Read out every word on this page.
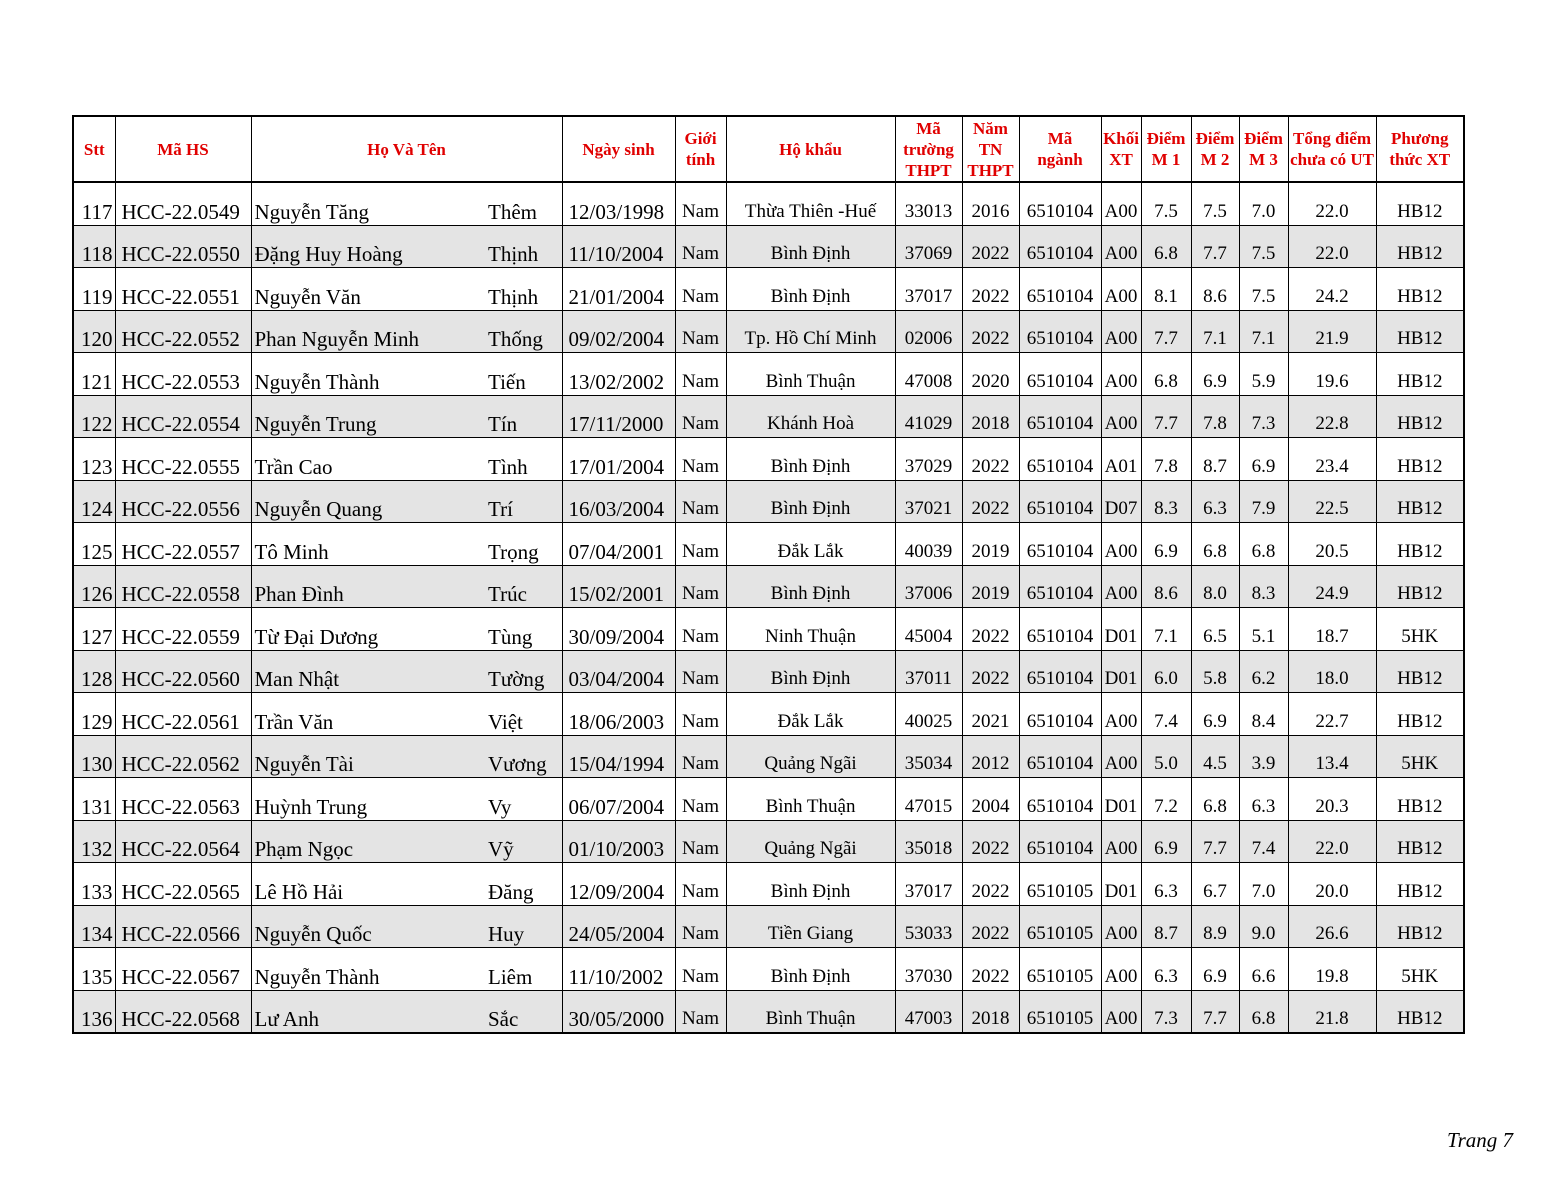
Stt	Mã HS	Họ Và Tên		Ngày sinh	Giới tính	Hộ khẩu	Mã trường THPT	Năm TN THPT	Mã ngành	Khối XT	Điểm M 1	Điểm M 2	Điểm M 3	Tổng điểm chưa có UT	Phương thức XT
117	HCC-22.0549	Nguyễn Tăng	Thêm	12/03/1998	Nam	Thừa Thiên -Huế	33013	2016	6510104	A00	7.5	7.5	7.0	22.0	HB12
118	HCC-22.0550	Đặng Huy Hoàng	Thịnh	11/10/2004	Nam	Bình Định	37069	2022	6510104	A00	6.8	7.7	7.5	22.0	HB12
119	HCC-22.0551	Nguyễn Văn	Thịnh	21/01/2004	Nam	Bình Định	37017	2022	6510104	A00	8.1	8.6	7.5	24.2	HB12
120	HCC-22.0552	Phan Nguyễn Minh	Thống	09/02/2004	Nam	Tp. Hồ Chí Minh	02006	2022	6510104	A00	7.7	7.1	7.1	21.9	HB12
121	HCC-22.0553	Nguyễn Thành	Tiến	13/02/2002	Nam	Bình Thuận	47008	2020	6510104	A00	6.8	6.9	5.9	19.6	HB12
122	HCC-22.0554	Nguyễn Trung	Tín	17/11/2000	Nam	Khánh Hoà	41029	2018	6510104	A00	7.7	7.8	7.3	22.8	HB12
123	HCC-22.0555	Trần Cao	Tình	17/01/2004	Nam	Bình Định	37029	2022	6510104	A01	7.8	8.7	6.9	23.4	HB12
124	HCC-22.0556	Nguyễn Quang	Trí	16/03/2004	Nam	Bình Định	37021	2022	6510104	D07	8.3	6.3	7.9	22.5	HB12
125	HCC-22.0557	Tô Minh	Trọng	07/04/2001	Nam	Đắk Lắk	40039	2019	6510104	A00	6.9	6.8	6.8	20.5	HB12
126	HCC-22.0558	Phan Đình	Trúc	15/02/2001	Nam	Bình Định	37006	2019	6510104	A00	8.6	8.0	8.3	24.9	HB12
127	HCC-22.0559	Từ Đại Dương	Tùng	30/09/2004	Nam	Ninh Thuận	45004	2022	6510104	D01	7.1	6.5	5.1	18.7	5HK
128	HCC-22.0560	Man Nhật	Tường	03/04/2004	Nam	Bình Định	37011	2022	6510104	D01	6.0	5.8	6.2	18.0	HB12
129	HCC-22.0561	Trần Văn	Việt	18/06/2003	Nam	Đắk Lắk	40025	2021	6510104	A00	7.4	6.9	8.4	22.7	HB12
130	HCC-22.0562	Nguyễn Tài	Vương	15/04/1994	Nam	Quảng Ngãi	35034	2012	6510104	A00	5.0	4.5	3.9	13.4	5HK
131	HCC-22.0563	Huỳnh Trung	Vy	06/07/2004	Nam	Bình Thuận	47015	2004	6510104	D01	7.2	6.8	6.3	20.3	HB12
132	HCC-22.0564	Phạm Ngọc	Vỹ	01/10/2003	Nam	Quảng Ngãi	35018	2022	6510104	A00	6.9	7.7	7.4	22.0	HB12
133	HCC-22.0565	Lê Hồ Hải	Đăng	12/09/2004	Nam	Bình Định	37017	2022	6510105	D01	6.3	6.7	7.0	20.0	HB12
134	HCC-22.0566	Nguyễn Quốc	Huy	24/05/2004	Nam	Tiền Giang	53033	2022	6510105	A00	8.7	8.9	9.0	26.6	HB12
135	HCC-22.0567	Nguyễn Thành	Liêm	11/10/2002	Nam	Bình Định	37030	2022	6510105	A00	6.3	6.9	6.6	19.8	5HK
136	HCC-22.0568	Lư Anh	Sắc	30/05/2000	Nam	Bình Thuận	47003	2018	6510105	A00	7.3	7.7	6.8	21.8	HB12
Trang 7
